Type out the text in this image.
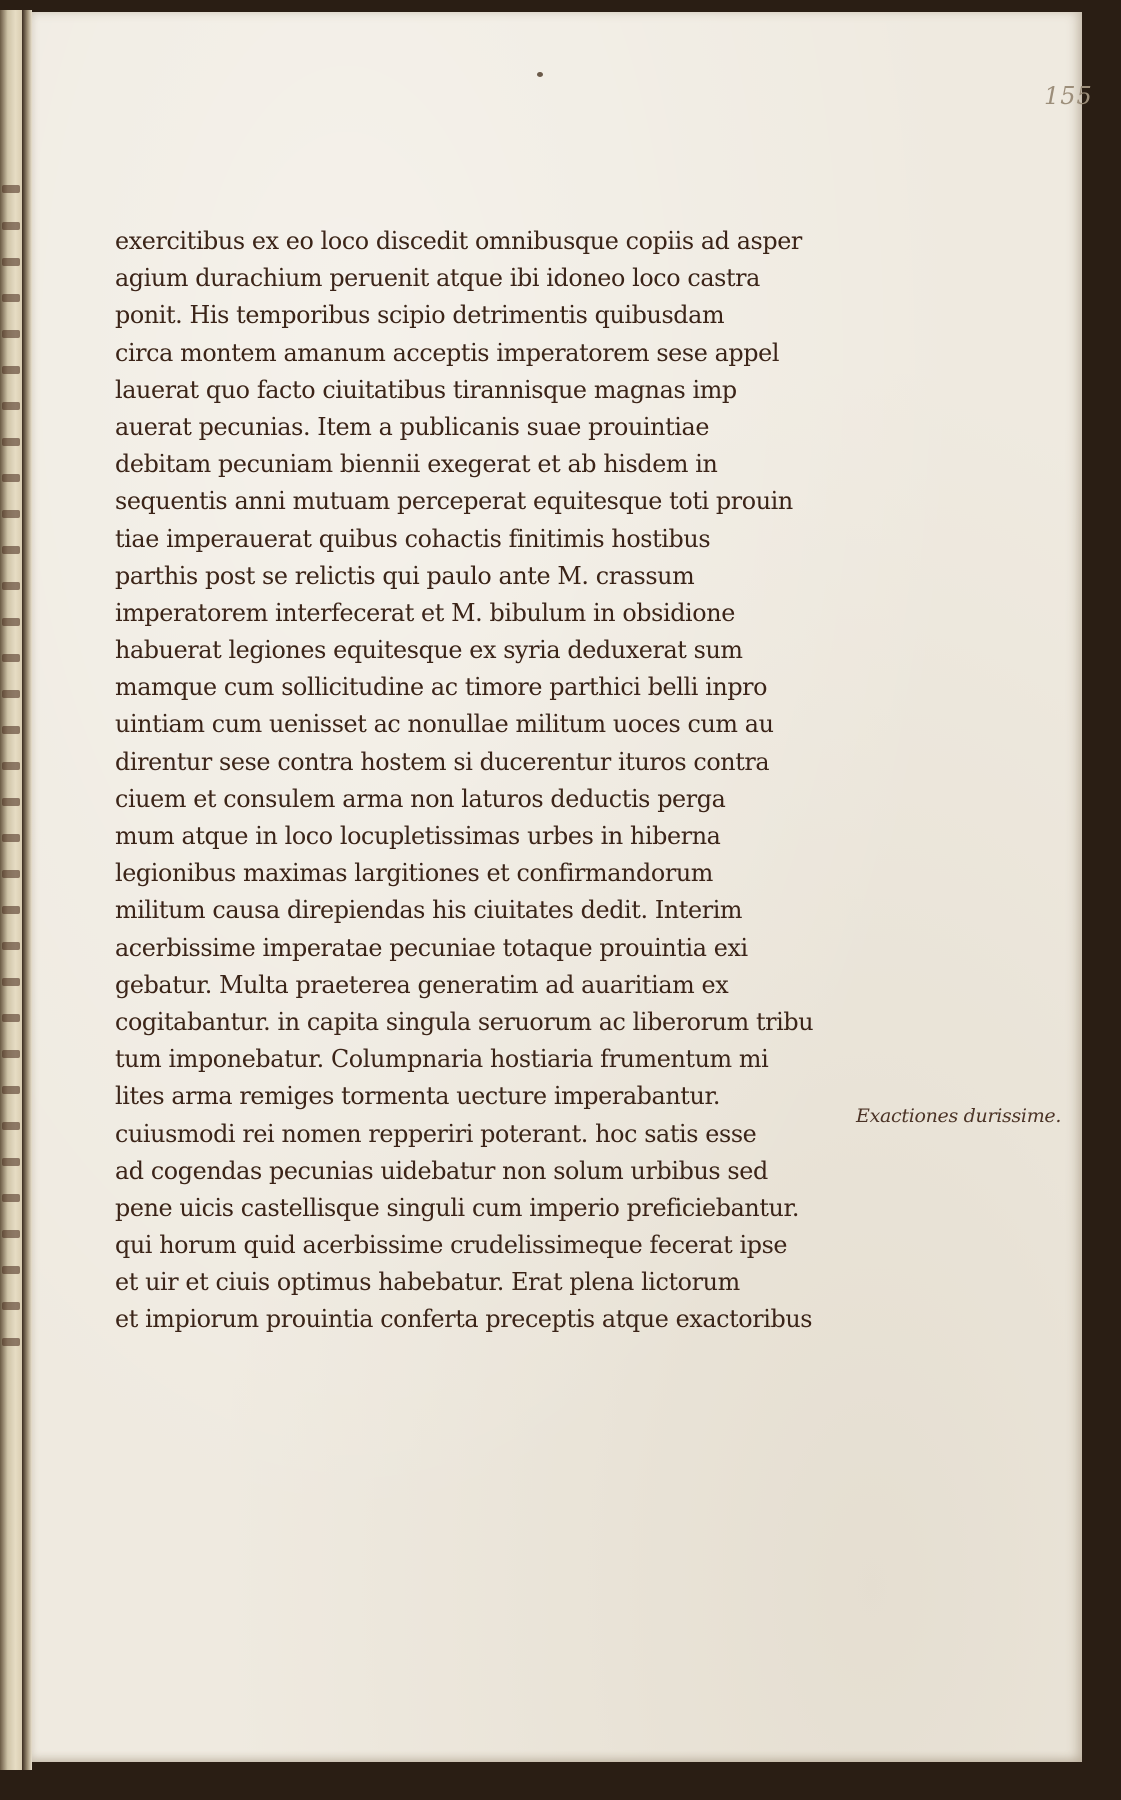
155
exercitibus ex eo loco discedit omnibusque copiis ad asper
agium durachium peruenit atque ibi idoneo loco castra
ponit. His temporibus scipio detrimentis quibusdam
circa montem amanum acceptis imperatorem sese appel
lauerat quo facto ciuitatibus tirannisque magnas imp
auerat pecunias. Item a publicanis suae prouintiae
debitam pecuniam biennii exegerat et ab hisdem in
sequentis anni mutuam perceperat equitesque toti prouin
tiae imperauerat quibus cohactis finitimis hostibus
parthis post se relictis qui paulo ante M. crassum
imperatorem interfecerat et M. bibulum in obsidione
habuerat legiones equitesque ex syria deduxerat sum
mamque cum sollicitudine ac timore parthici belli inpro
uintiam cum uenisset ac nonullae militum uoces cum au
direntur sese contra hostem si ducerentur ituros contra
ciuem et consulem arma non laturos deductis perga
mum atque in loco locupletissimas urbes in hiberna
legionibus maximas largitiones et confirmandorum
militum causa direpiendas his ciuitates dedit. Interim
acerbissime imperatae pecuniae totaque prouintia exi
gebatur. Multa praeterea generatim ad auaritiam ex
cogitabantur. in capita singula seruorum ac liberorum tribu
tum imponebatur. Columpnaria hostiaria frumentum mi
lites arma remiges tormenta uecture imperabantur.
cuiusmodi rei nomen repperiri poterant. hoc satis esse
ad cogendas pecunias uidebatur non solum urbibus sed
pene uicis castellisque singuli cum imperio preficiebantur.
qui horum quid acerbissime crudelissimeque fecerat ipse
et uir et ciuis optimus habebatur. Erat plena lictorum
et impiorum prouintia conferta preceptis atque exactoribus
Exactiones durissime.
